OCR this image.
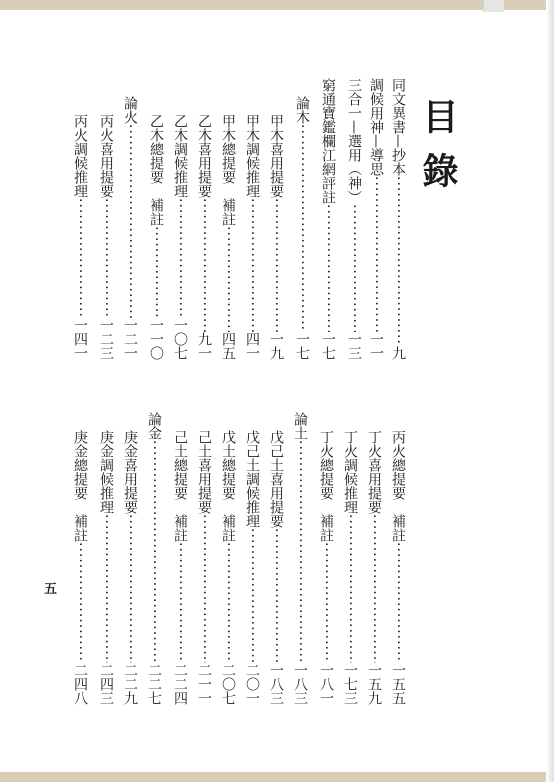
目錄
同文異書—抄本
·····
九
調候用神—導思
·····
一一
三合一—選用（神）
·····
一三
窮通寶鑑欄江網評註
·····
一七
論木
·····
一七
甲木喜用提要
·····
一九
甲木調候推理
·····
四一
甲木總提要　補註
·····
四五
乙木喜用提要
·····
九一
乙木調候推理
·····
一〇七
乙木總提要　補註
·····
一一〇
論火
·····
一二一
丙火喜用提要
·····
一二三
丙火調候推理
·····
一四一
丙火總提要　補註
·····
一五五
丁火喜用提要
·····
一五九
丁火調候推理
·····
一七三
丁火總提要　補註
·····
一八一
論土
·····
一八三
戊己土喜用提要
·····
一八三
戊己土調候推理
·····
二〇一
戊土總提要　補註
·····
二〇七
己土喜用提要
·····
二一一
己土總提要　補註
·····
二二四
論金
·····
二二七
庚金喜用提要
·····
二二九
庚金調候推理
·····
二四三
庚金總提要　補註
·····
二四八
五
